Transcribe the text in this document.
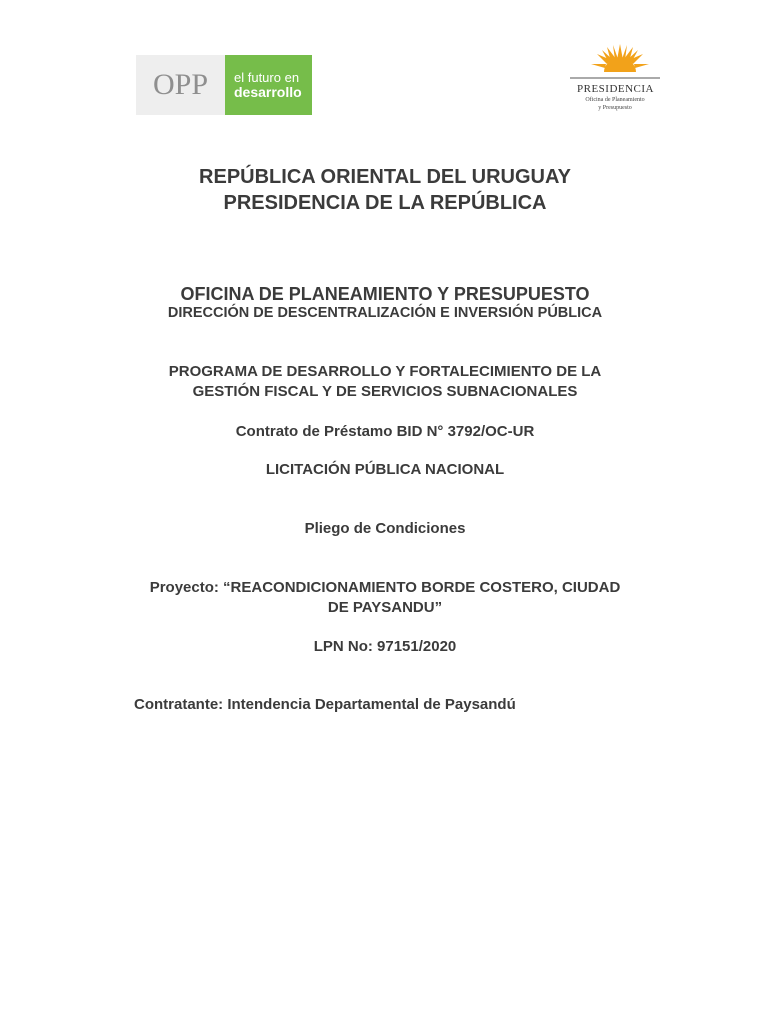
OPP	el futuro en
desarrollo	PRESIDENCIA
Oficina de Planeamiento
y Presupuesto
REPÚBLICA ORIENTAL DEL URUGUAY
PRESIDENCIA DE LA REPÚBLICA
OFICINA DE PLANEAMIENTO Y PRESUPUESTO
DIRECCIÓN DE DESCENTRALIZACIÓN E INVERSIÓN PÚBLICA
PROGRAMA DE DESARROLLO Y FORTALECIMIENTO DE LA
GESTIÓN FISCAL Y DE SERVICIOS SUBNACIONALES
Contrato de Préstamo BID N° 3792/OC-UR
LICITACIÓN PÚBLICA NACIONAL
Pliego de Condiciones
Proyecto: “REACONDICIONAMIENTO BORDE COSTERO, CIUDAD
DE PAYSANDU”
LPN No: 97151/2020
Contratante: Intendencia Departamental de Paysandú
